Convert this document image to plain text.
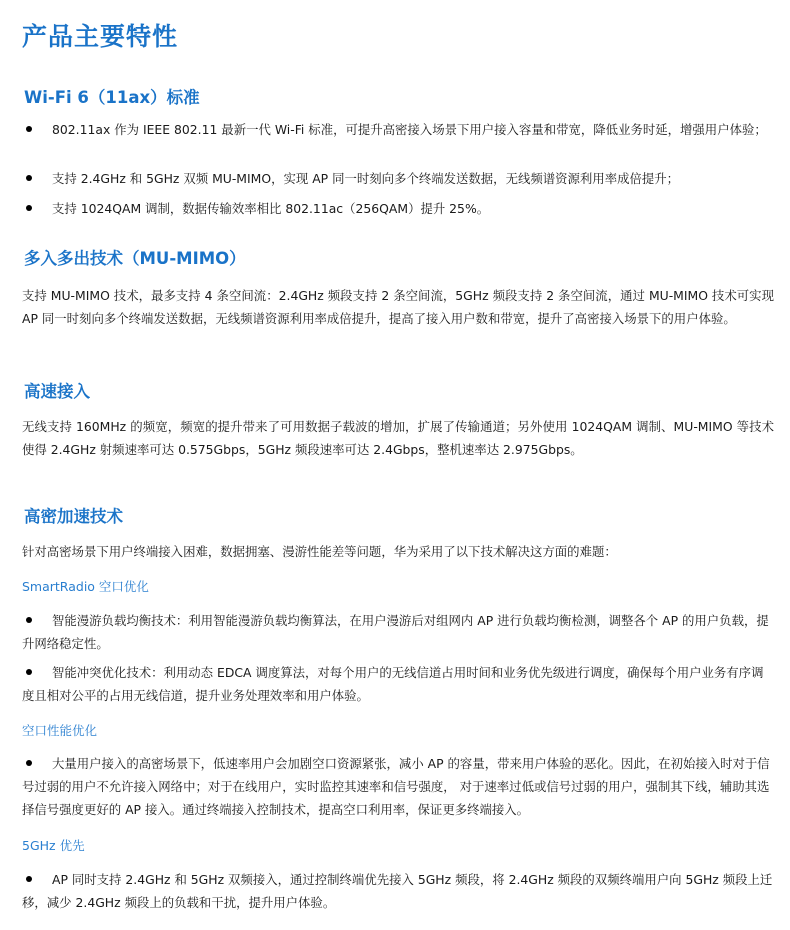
产品主要特性
Wi-Fi 6（11ax）标准
802.11ax 作为 IEEE 802.11 最新一代 Wi-Fi 标准，可提升高密接入场景下用户接入容量和带宽，降低业务时延，增强用户体验；
支持 2.4GHz 和 5GHz 双频 MU-MIMO，实现 AP 同一时刻向多个终端发送数据，无线频谱资源利用率成倍提升；
支持 1024QAM 调制，数据传输效率相比 802.11ac（256QAM）提升 25%。
多入多出技术（MU-MIMO）
支持 MU-MIMO 技术，最多支持 4 条空间流：2.4GHz 频段支持 2 条空间流，5GHz 频段支持 2 条空间流，通过 MU-MIMO 技术可实现 AP 同一时刻向多个终端发送数据，无线频谱资源利用率成倍提升，提高了接入用户数和带宽，提升了高密接入场景下的用户体验。
高速接入
无线支持 160MHz 的频宽，频宽的提升带来了可用数据子载波的增加，扩展了传输通道；另外使用 1024QAM 调制、MU-MIMO 等技术使得 2.4GHz 射频速率可达 0.575Gbps，5GHz 频段速率可达 2.4Gbps，整机速率达 2.975Gbps。
高密加速技术
针对高密场景下用户终端接入困难，数据拥塞、漫游性能差等问题，华为采用了以下技术解决这方面的难题：
SmartRadio 空口优化
智能漫游负载均衡技术：利用智能漫游负载均衡算法，在用户漫游后对组网内 AP 进行负载均衡检测，调整各个 AP 的用户负载，提升网络稳定性。
智能冲突优化技术：利用动态 EDCA 调度算法，对每个用户的无线信道占用时间和业务优先级进行调度，确保每个用户业务有序调度且相对公平的占用无线信道，提升业务处理效率和用户体验。
空口性能优化
大量用户接入的高密场景下，低速率用户会加剧空口资源紧张，减小 AP 的容量，带来用户体验的恶化。因此，在初始接入时对于信号过弱的用户不允许接入网络中；对于在线用户，实时监控其速率和信号强度， 对于速率过低或信号过弱的用户，强制其下线，辅助其选择信号强度更好的 AP 接入。通过终端接入控制技术，提高空口利用率，保证更多终端接入。
5GHz 优先
AP 同时支持 2.4GHz 和 5GHz 双频接入，通过控制终端优先接入 5GHz 频段，将 2.4GHz 频段的双频终端用户向 5GHz 频段上迁移，减少 2.4GHz 频段上的负载和干扰，提升用户体验。
